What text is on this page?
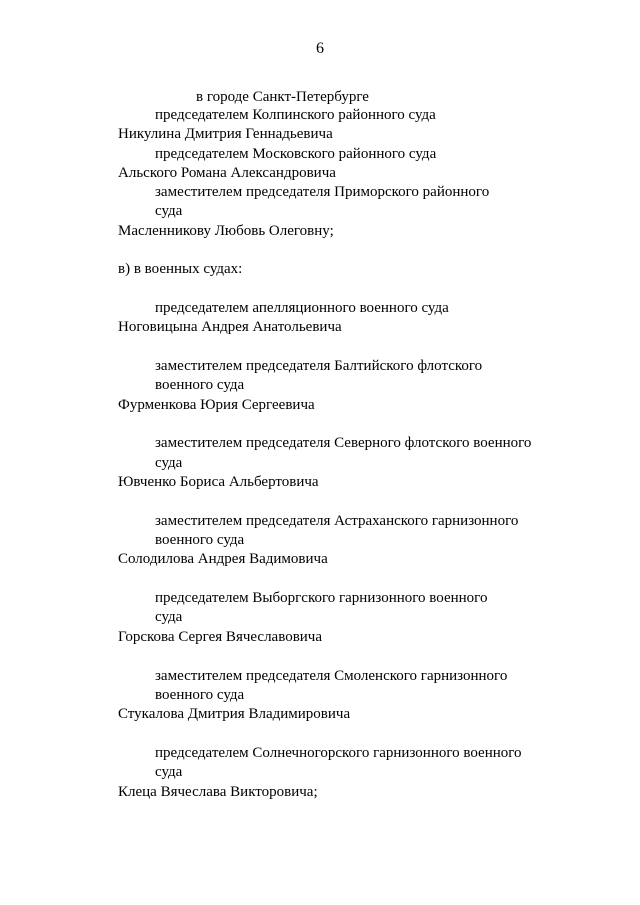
6
в городе Санкт-Петербурге
председателем Колпинского районного суда
Никулина Дмитрия Геннадьевича
председателем Московского районного суда
Альского Романа Александровича
заместителем председателя Приморского районного
суда
Масленникову Любовь Олеговну;
в) в военных судах:
председателем апелляционного военного суда
Ноговицына Андрея Анатольевича
заместителем председателя Балтийского флотского
военного суда
Фурменкова Юрия Сергеевича
заместителем председателя Северного флотского военного
суда
Ювченко Бориса Альбертовича
заместителем председателя Астраханского гарнизонного
военного суда
Солодилова Андрея Вадимовича
председателем Выборгского гарнизонного военного
суда
Горскова Сергея Вячеславовича
заместителем председателя Смоленского гарнизонного
военного суда
Стукалова Дмитрия Владимировича
председателем Солнечногорского гарнизонного военного
суда
Клеца Вячеслава Викторовича;
